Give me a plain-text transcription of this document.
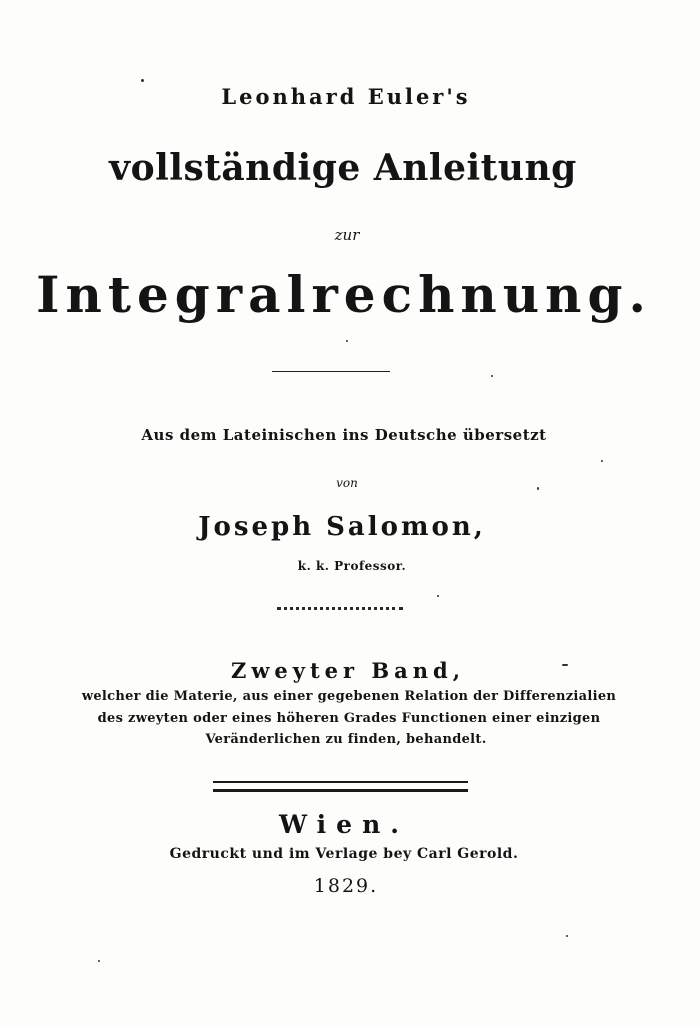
Leonhard Euler's
vollständige Anleitung
zur
Integralrechnung.
Aus dem Lateinischen ins Deutsche übersetzt
von
Joseph Salomon,
k. k. Professor.
Zweyter Band,
welcher die Materie, aus einer gegebenen Relation der Differenzialien
des zweyten oder eines höheren Grades Functionen einer einzigen
Veränderlichen zu finden, behandelt.
Wien.
Gedruckt und im Verlage bey Carl Gerold.
1829.
